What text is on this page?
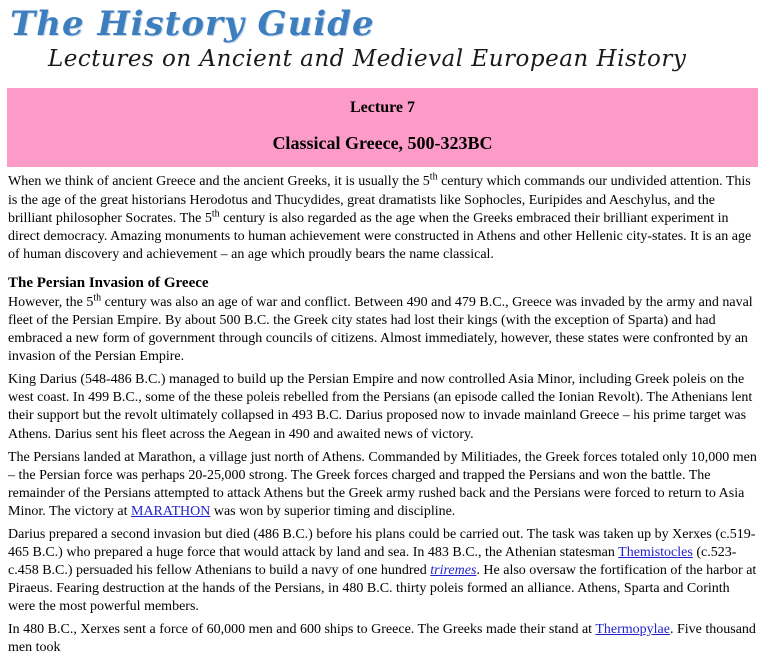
The History Guide
Lectures on Ancient and Medieval European History

Lecture 7

Classical Greece, 500-323BC

When we think of ancient Greece and the ancient Greeks, it is usually the 5th century which commands our undivided attention. This is the age of the great historians Herodotus and Thucydides, great dramatists like Sophocles, Euripides and Aeschylus, and the brilliant philosopher Socrates. The 5th century is also regarded as the age when the Greeks embraced their brilliant experiment in direct democracy. Amazing monuments to human achievement were constructed in Athens and other Hellenic city-states. It is an age of human discovery and achievement – an age which proudly bears the name classical.

The Persian Invasion of Greece

However, the 5th century was also an age of war and conflict. Between 490 and 479 B.C., Greece was invaded by the army and naval fleet of the Persian Empire. By about 500 B.C. the Greek city states had lost their kings (with the exception of Sparta) and had embraced a new form of government through councils of citizens. Almost immediately, however, these states were confronted by an invasion of the Persian Empire.

King Darius (548-486 B.C.) managed to build up the Persian Empire and now controlled Asia Minor, including Greek poleis on the west coast. In 499 B.C., some of the these poleis rebelled from the Persians (an episode called the Ionian Revolt). The Athenians lent their support but the revolt ultimately collapsed in 493 B.C. Darius proposed now to invade mainland Greece – his prime target was Athens. Darius sent his fleet across the Aegean in 490 and awaited news of victory.

The Persians landed at Marathon, a village just north of Athens. Commanded by Militiades, the Greek forces totaled only 10,000 men – the Persian force was perhaps 20-25,000 strong. The Greek forces charged and trapped the Persians and won the battle. The remainder of the Persians attempted to attack Athens but the Greek army rushed back and the Persians were forced to return to Asia Minor. The victory at MARATHON was won by superior timing and discipline.

Darius prepared a second invasion but died (486 B.C.) before his plans could be carried out. The task was taken up by Xerxes (c.519-465 B.C.) who prepared a huge force that would attack by land and sea. In 483 B.C., the Athenian statesman Themistocles (c.523-c.458 B.C.) persuaded his fellow Athenians to build a navy of one hundred triremes. He also oversaw the fortification of the harbor at Piraeus. Fearing destruction at the hands of the Persians, in 480 B.C. thirty poleis formed an alliance. Athens, Sparta and Corinth were the most powerful members.

In 480 B.C., Xerxes sent a force of 60,000 men and 600 ships to Greece. The Greeks made their stand at Thermopylae. Five thousand men took
